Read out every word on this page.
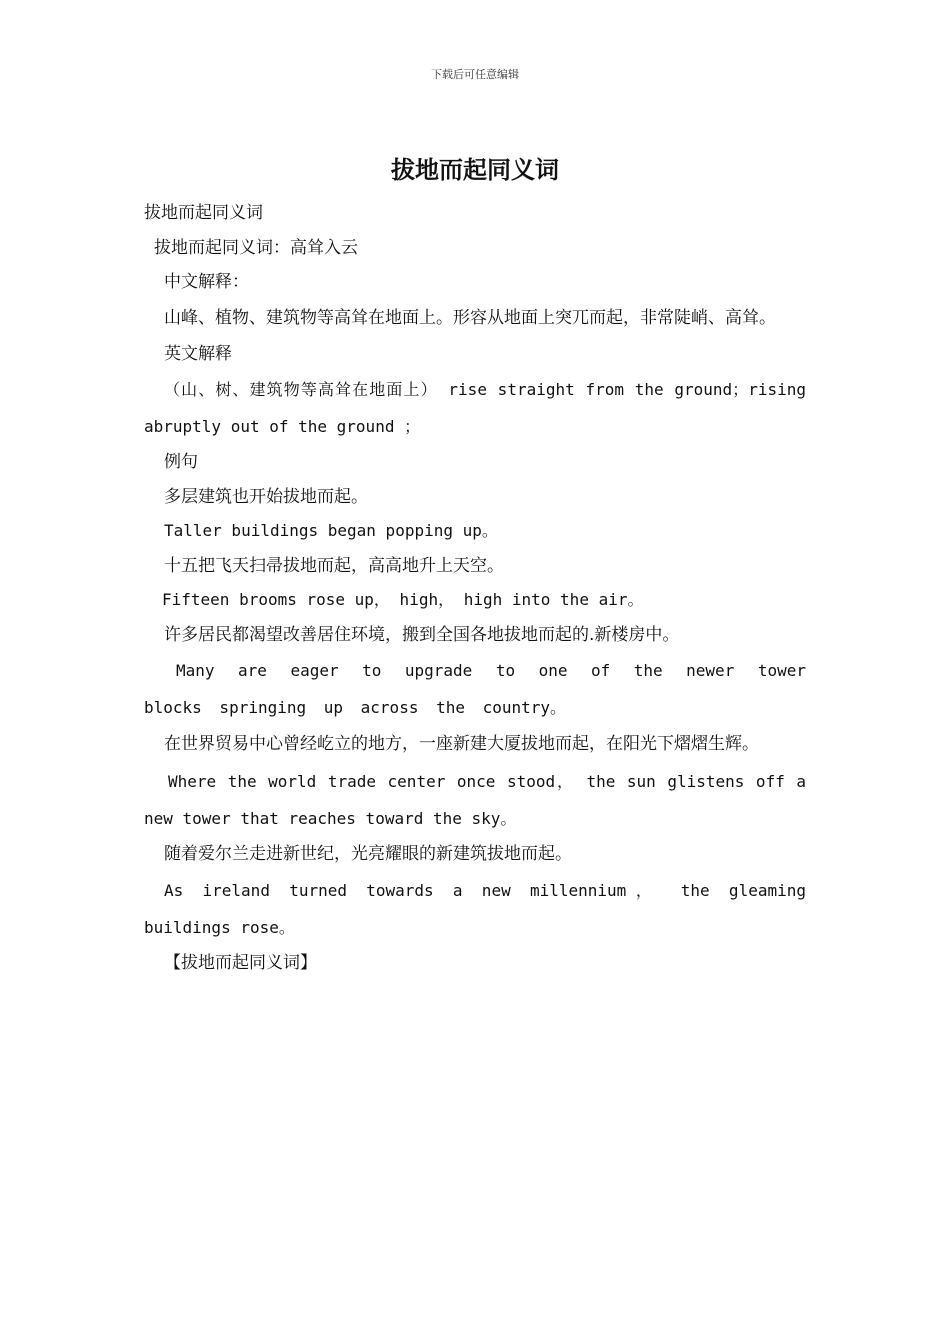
下载后可任意编辑
拔地而起同义词
拔地而起同义词
拔地而起同义词：高耸入云
中文解释：
山峰、植物、建筑物等高耸在地面上。形容从地面上突兀而起，非常陡峭、高耸。
英文解释
（山、树、建筑物等高耸在地面上） rise straight from the ground；rising abruptly out of the ground ；
例句
多层建筑也开始拔地而起。
Taller buildings began popping up。
十五把飞天扫帚拔地而起，高高地升上天空。
Fifteen brooms rose up， high， high into the air。
许多居民都渴望改善居住环境，搬到全国各地拔地而起的.新楼房中。
Many are eager to upgrade to one of the newer tower blocks springing up across the country。
在世界贸易中心曾经屹立的地方，一座新建大厦拔地而起，在阳光下熠熠生辉。
Where the world trade center once stood， the sun glistens off a new tower that reaches toward the sky。
随着爱尔兰走进新世纪，光亮耀眼的新建筑拔地而起。
As ireland turned towards a new millennium， the gleaming buildings rose。
【拔地而起同义词】
